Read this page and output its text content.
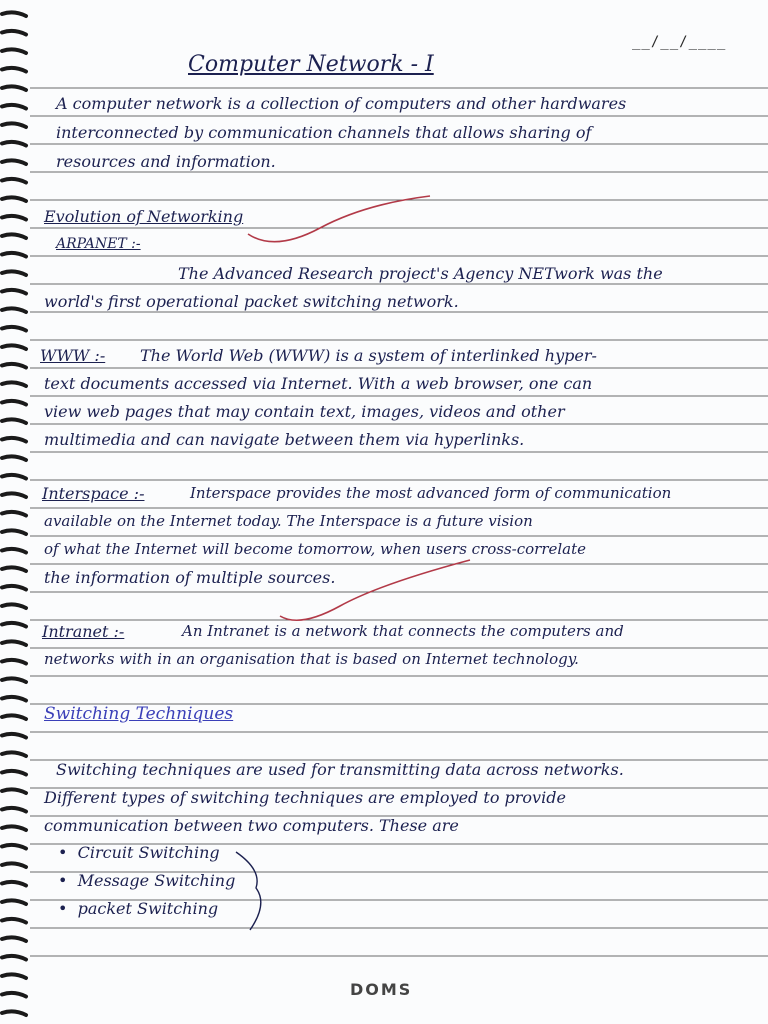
__/__/____
Computer Network - I
A computer network is a collection of computers and other hardwares
interconnected by communication channels that allows sharing of
resources and information.
Evolution of Networking
ARPANET :-
The Advanced Research project's Agency NETwork was the
world's first operational packet switching network.
WWW :- The World Web (WWW) is a system of interlinked hyper-
text documents accessed via Internet. With a web browser, one can
view web pages that may contain text, images, videos and other
multimedia and can navigate between them via hyperlinks.
Interspace :-	Interspace provides the most advanced form of communication
available on the Internet today. The Interspace is a future vision
of what the Internet will become tomorrow, when users cross-correlate
the information of multiple sources.
Intranet :-	An Intranet is a network that connects the computers and
networks with in an organisation that is based on Internet technology.
Switching Techniques
Switching techniques are used for transmitting data across networks.
Different types of switching techniques are employed to provide
communication between two computers. These are
•  Circuit Switching
•  Message Switching
•  packet Switching
DOMS
